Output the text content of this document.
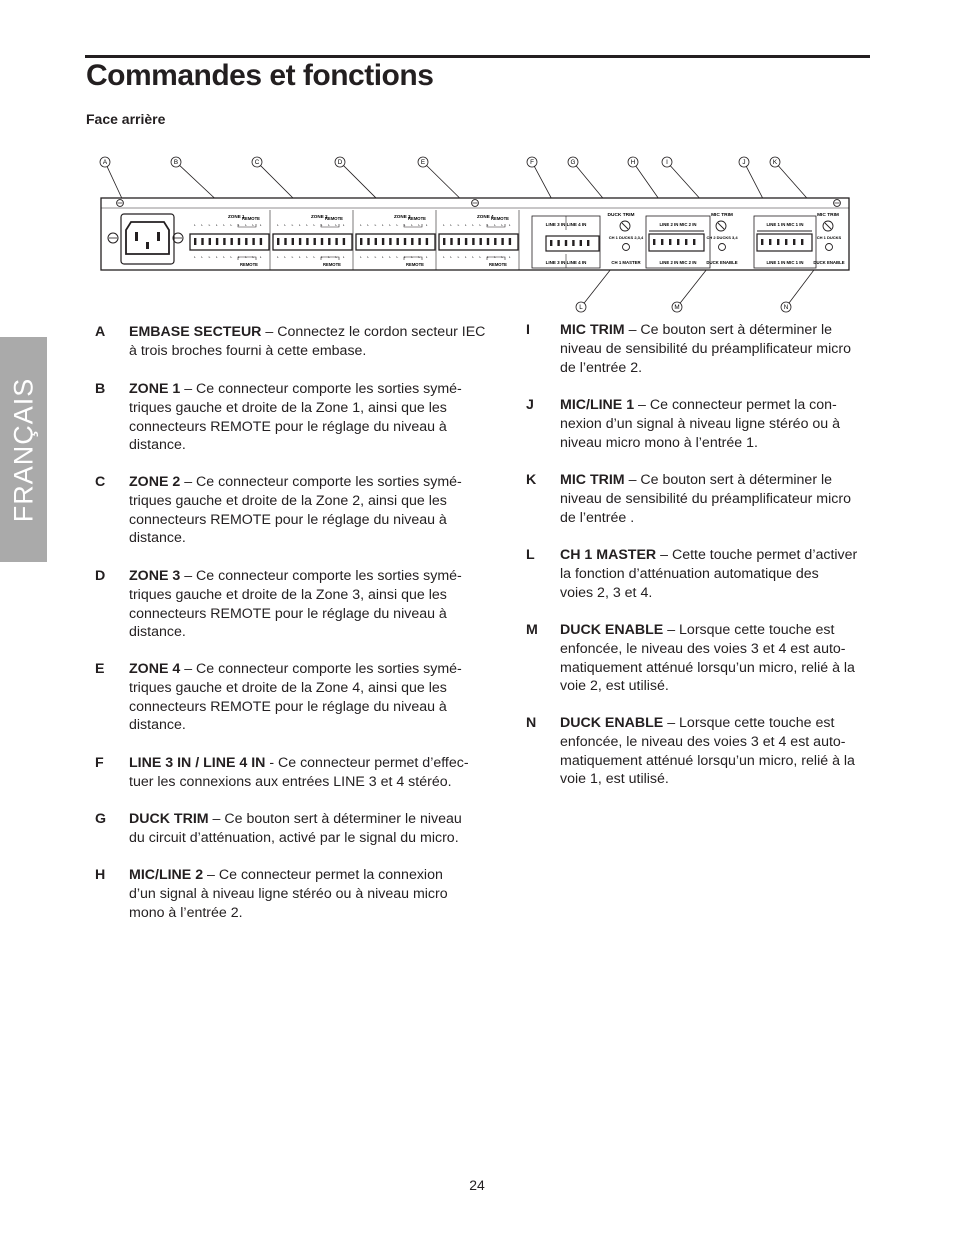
Commandes et fonctions
Face arrière
FRANÇAIS
ZONE 1
REMOTE
L L L L L L L L L L
L L L L L L L L L L
REMOTE
ZONE 2
REMOTE
L L L L L L L L L L
L L L L L L L L L L
REMOTE
ZONE 3
REMOTE
L L L L L L L L L L
L L L L L L L L L L
REMOTE
ZONE 4
REMOTE
L L L L L L L L L L
L L L L L L L L L L
REMOTE
LINE 3 IN LINE 4 IN
LINE 3 IN LINE 4 IN
DUCK TRIM
CH 1 DUCKS 2,3,4
CH 1 MASTER
LINE 2 IN MIC 2 IN
LINE 2 IN MIC 2 IN
MIC TRIM
CH 2 DUCKS 3,4
DUCK ENABLE
LINE 1 IN MIC 1 IN
LINE 1 IN MIC 1 IN
MIC TRIM
CH 1 DUCKS
DUCK ENABLE
A	B	C	D	E	F	G	H	I	J	K
L	M	N
A	EMBASE SECTEUR – Connectez le cordon secteur IEC
à trois broches fourni à cette embase.
B	ZONE 1 – Ce connecteur comporte les sorties symé-
triques gauche et droite de la Zone 1, ainsi que les
connecteurs REMOTE pour le réglage du niveau à
distance.
C	ZONE 2 – Ce connecteur comporte les sorties symé-
triques gauche et droite de la Zone 2, ainsi que les
connecteurs REMOTE pour le réglage du niveau à
distance.
D	ZONE 3 – Ce connecteur comporte les sorties symé-
triques gauche et droite de la Zone 3, ainsi que les
connecteurs REMOTE pour le réglage du niveau à
distance.
E	ZONE 4 – Ce connecteur comporte les sorties symé-
triques gauche et droite de la Zone 4, ainsi que les
connecteurs REMOTE pour le réglage du niveau à
distance.
F	LINE 3 IN / LINE 4 IN - Ce connecteur permet d’effec-
tuer les connexions aux entrées LINE 3 et 4 stéréo.
G	DUCK TRIM – Ce bouton sert à déterminer le niveau
du circuit d’atténuation, activé par le signal du micro.
H	MIC/LINE 2 – Ce connecteur permet la connexion
d’un signal à niveau ligne stéréo ou à niveau micro
mono à l’entrée 2.
I	MIC TRIM – Ce bouton sert à déterminer le
niveau de sensibilité du préamplificateur micro
de l’entrée 2.
J	MIC/LINE 1 – Ce connecteur permet la con-
nexion d’un signal à niveau ligne stéréo ou à
niveau micro mono à l’entrée 1.
K	MIC TRIM – Ce bouton sert à déterminer le
niveau de sensibilité du préamplificateur micro
de l’entrée .
L	CH 1 MASTER – Cette touche permet d’activer
la fonction d’atténuation automatique des
voies 2, 3 et 4.
M	DUCK ENABLE – Lorsque cette touche est
enfoncée, le niveau des voies 3 et 4 est auto-
matiquement atténué lorsqu’un micro, relié à la
voie 2, est utilisé.
N	DUCK ENABLE – Lorsque cette touche est
enfoncée, le niveau des voies 3 et 4 est auto-
matiquement atténué lorsqu’un micro, relié à la
voie 1, est utilisé.
24
